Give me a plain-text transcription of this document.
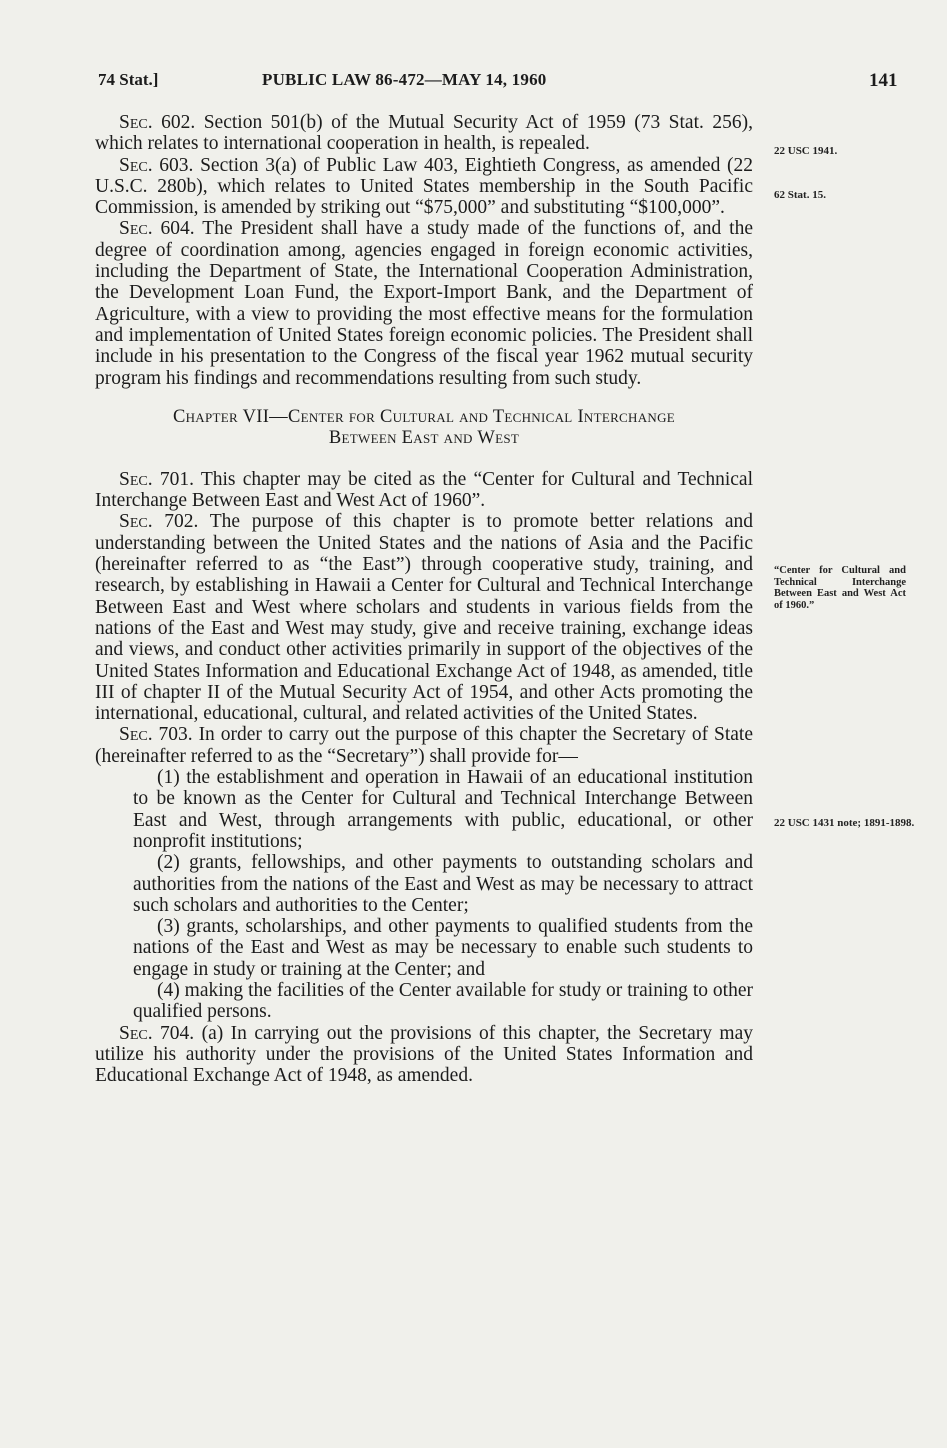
74 Stat.]	PUBLIC LAW 86-472—MAY 14, 1960	141

Sec. 602. Section 501(b) of the Mutual Security Act of 1959 (73 Stat. 256), which relates to international cooperation in health, is repealed.

Sec. 603. Section 3(a) of Public Law 403, Eightieth Congress, as amended (22 U.S.C. 280b), which relates to United States membership in the South Pacific Commission, is amended by striking out “$75,000” and substituting “$100,000”.

Sec. 604. The President shall have a study made of the functions of, and the degree of coordination among, agencies engaged in foreign economic activities, including the Department of State, the International Cooperation Administration, the Development Loan Fund, the Export-Import Bank, and the Department of Agriculture, with a view to providing the most effective means for the formulation and implementation of United States foreign economic policies. The President shall include in his presentation to the Congress of the fiscal year 1962 mutual security program his findings and recommendations resulting from such study.

Chapter VII—Center for Cultural and Technical Interchange
Between East and West

Sec. 701. This chapter may be cited as the “Center for Cultural and Technical Interchange Between East and West Act of 1960”.

Sec. 702. The purpose of this chapter is to promote better relations and understanding between the United States and the nations of Asia and the Pacific (hereinafter referred to as “the East”) through cooperative study, training, and research, by establishing in Hawaii a Center for Cultural and Technical Interchange Between East and West where scholars and students in various fields from the nations of the East and West may study, give and receive training, exchange ideas and views, and conduct other activities primarily in support of the objectives of the United States Information and Educational Exchange Act of 1948, as amended, title III of chapter II of the Mutual Security Act of 1954, and other Acts promoting the international, educational, cultural, and related activities of the United States.

Sec. 703. In order to carry out the purpose of this chapter the Secretary of State (hereinafter referred to as the “Secretary”) shall provide for—

(1) the establishment and operation in Hawaii of an educational institution to be known as the Center for Cultural and Technical Interchange Between East and West, through arrangements with public, educational, or other nonprofit institutions;

(2) grants, fellowships, and other payments to outstanding scholars and authorities from the nations of the East and West as may be necessary to attract such scholars and authorities to the Center;

(3) grants, scholarships, and other payments to qualified students from the nations of the East and West as may be necessary to enable such students to engage in study or training at the Center; and

(4) making the facilities of the Center available for study or training to other qualified persons.

Sec. 704. (a) In carrying out the provisions of this chapter, the Secretary may utilize his authority under the provisions of the United States Information and Educational Exchange Act of 1948, as amended.

22 USC 1941.
62 Stat. 15.
“Center for Cultural and Technical Interchange Between East and West Act of 1960.”
22 USC 1431 note; 1891-1898.
